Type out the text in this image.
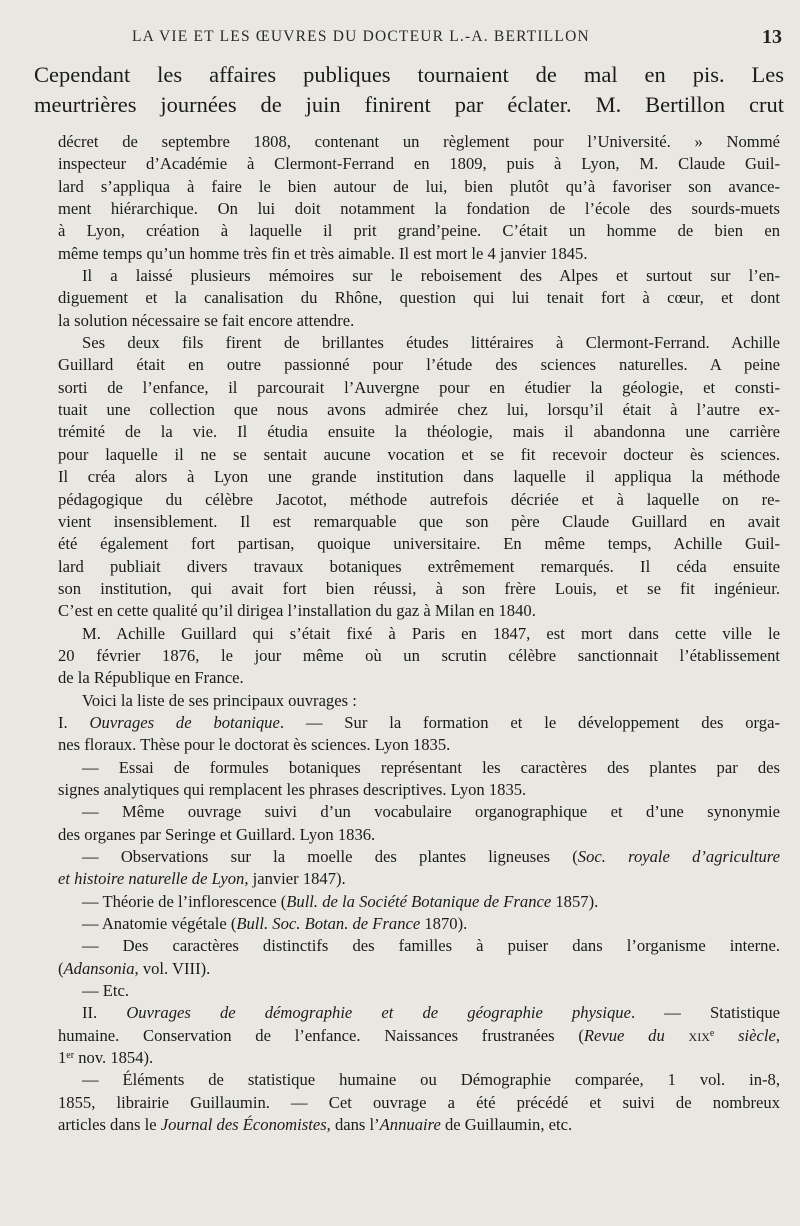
LA VIE ET LES ŒUVRES DU DOCTEUR L.-A. BERTILLON	13
Cependant les affaires publiques tournaient de mal en pis. Les
meurtrières journées de juin finirent par éclater. M. Bertillon crut
décret de septembre 1808, contenant un règlement pour l’Université. » Nommé
inspecteur d’Académie à Clermont-Ferrand en 1809, puis à Lyon, M. Claude Guil-
lard s’appliqua à faire le bien autour de lui, bien plutôt qu’à favoriser son avance-
ment hiérarchique. On lui doit notamment la fondation de l’école des sourds-muets
à Lyon, création à laquelle il prit grand’peine. C’était un homme de bien en
même temps qu’un homme très fin et très aimable. Il est mort le 4 janvier 1845.
Il a laissé plusieurs mémoires sur le reboisement des Alpes et surtout sur l’en-
diguement et la canalisation du Rhône, question qui lui tenait fort à cœur, et dont
la solution nécessaire se fait encore attendre.
Ses deux fils firent de brillantes études littéraires à Clermont-Ferrand. Achille
Guillard était en outre passionné pour l’étude des sciences naturelles. A peine
sorti de l’enfance, il parcourait l’Auvergne pour en étudier la géologie, et consti-
tuait une collection que nous avons admirée chez lui, lorsqu’il était à l’autre ex-
trémité de la vie. Il étudia ensuite la théologie, mais il abandonna une carrière
pour laquelle il ne se sentait aucune vocation et se fit recevoir docteur ès sciences.
Il créa alors à Lyon une grande institution dans laquelle il appliqua la méthode
pédagogique du célèbre Jacotot, méthode autrefois décriée et à laquelle on re-
vient insensiblement. Il est remarquable que son père Claude Guillard en avait
été également fort partisan, quoique universitaire. En même temps, Achille Guil-
lard publiait divers travaux botaniques extrêmement remarqués. Il céda ensuite
son institution, qui avait fort bien réussi, à son frère Louis, et se fit ingénieur.
C’est en cette qualité qu’il dirigea l’installation du gaz à Milan en 1840.
M. Achille Guillard qui s’était fixé à Paris en 1847, est mort dans cette ville le
20 février 1876, le jour même où un scrutin célèbre sanctionnait l’établissement
de la République en France.
Voici la liste de ses principaux ouvrages :
I. Ouvrages de botanique. — Sur la formation et le développement des orga-
nes floraux. Thèse pour le doctorat ès sciences. Lyon 1835.
— Essai de formules botaniques représentant les caractères des plantes par des
signes analytiques qui remplacent les phrases descriptives. Lyon 1835.
— Même ouvrage suivi d’un vocabulaire organographique et d’une synonymie
des organes par Seringe et Guillard. Lyon 1836.
— Observations sur la moelle des plantes ligneuses (Soc. royale d’agriculture
et histoire naturelle de Lyon, janvier 1847).
— Théorie de l’inflorescence (Bull. de la Société Botanique de France 1857).
— Anatomie végétale (Bull. Soc. Botan. de France 1870).
— Des caractères distinctifs des familles à puiser dans l’organisme interne.
(Adansonia, vol. VIII).
— Etc.
II. Ouvrages de démographie et de géographie physique. — Statistique
humaine. Conservation de l’enfance. Naissances frustranées (Revue du xix$^e$ siècle,
1er nov. 1854).
— Éléments de statistique humaine ou Démographie comparée, 1 vol. in-8,
1855, librairie Guillaumin. — Cet ouvrage a été précédé et suivi de nombreux
articles dans le Journal des Économistes, dans l’Annuaire de Guillaumin, etc.
